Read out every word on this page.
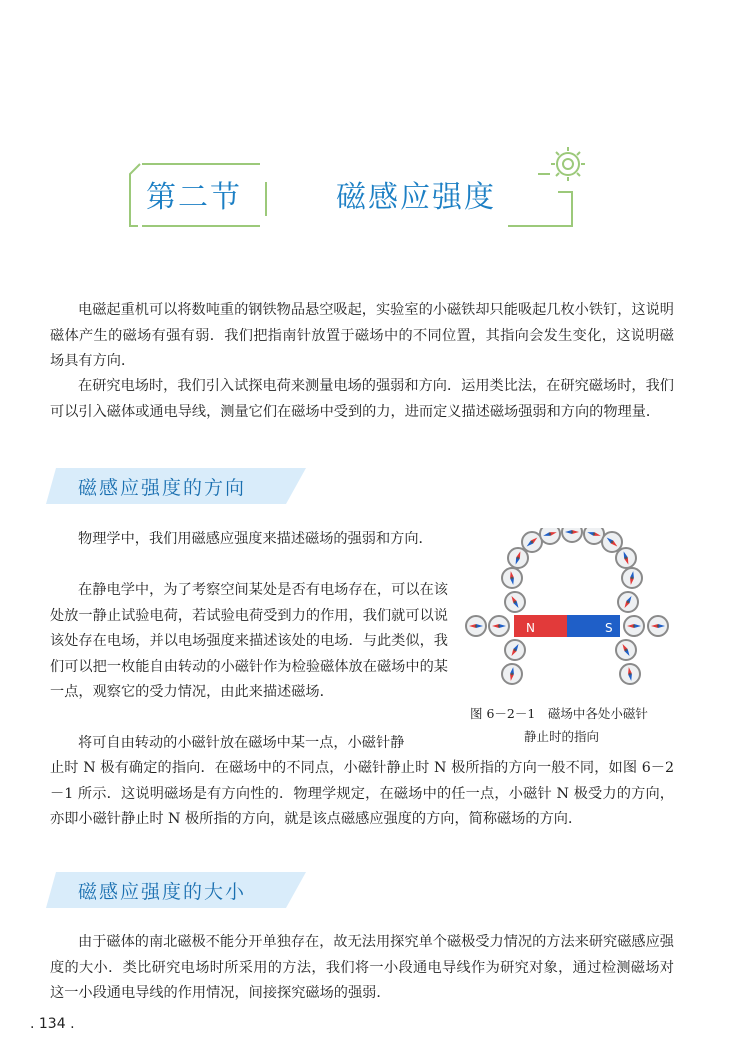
第二节	磁感应强度
电磁起重机可以将数吨重的钢铁物品悬空吸起，实验室的小磁铁却只能吸起几枚小铁钉，这说明磁体产生的磁场有强有弱．我们把指南针放置于磁场中的不同位置，其指向会发生变化，这说明磁场具有方向．
在研究电场时，我们引入试探电荷来测量电场的强弱和方向．运用类比法，在研究磁场时，我们可以引入磁体或通电导线，测量它们在磁场中受到的力，进而定义描述磁场强弱和方向的物理量．
磁感应强度的方向
物理学中，我们用磁感应强度来描述磁场的强弱和方向．
在静电学中，为了考察空间某处是否有电场存在，可以在该处放一静止试验电荷，若试验电荷受到力的作用，我们就可以说该处存在电场，并以电场强度来描述该处的电场．与此类似，我们可以把一枚能自由转动的小磁针作为检验磁体放在磁场中的某一点，观察它的受力情况，由此来描述磁场．
将可自由转动的小磁针放在磁场中某一点，小磁针静
止时 N 极有确定的指向．在磁场中的不同点，小磁针静止时 N 极所指的方向一般不同，如图 6－2－1 所示．这说明磁场是有方向性的．物理学规定，在磁场中的任一点，小磁针 N 极受力的方向，亦即小磁针静止时 N 极所指的方向，就是该点磁感应强度的方向，简称磁场的方向．
N	S
图 6－2－1　磁场中各处小磁针
静止时的指向
磁感应强度的大小
由于磁体的南北磁极不能分开单独存在，故无法用探究单个磁极受力情况的方法来研究磁感应强度的大小．类比研究电场时所采用的方法，我们将一小段通电导线作为研究对象，通过检测磁场对这一小段通电导线的作用情况，间接探究磁场的强弱．
. 134 .
